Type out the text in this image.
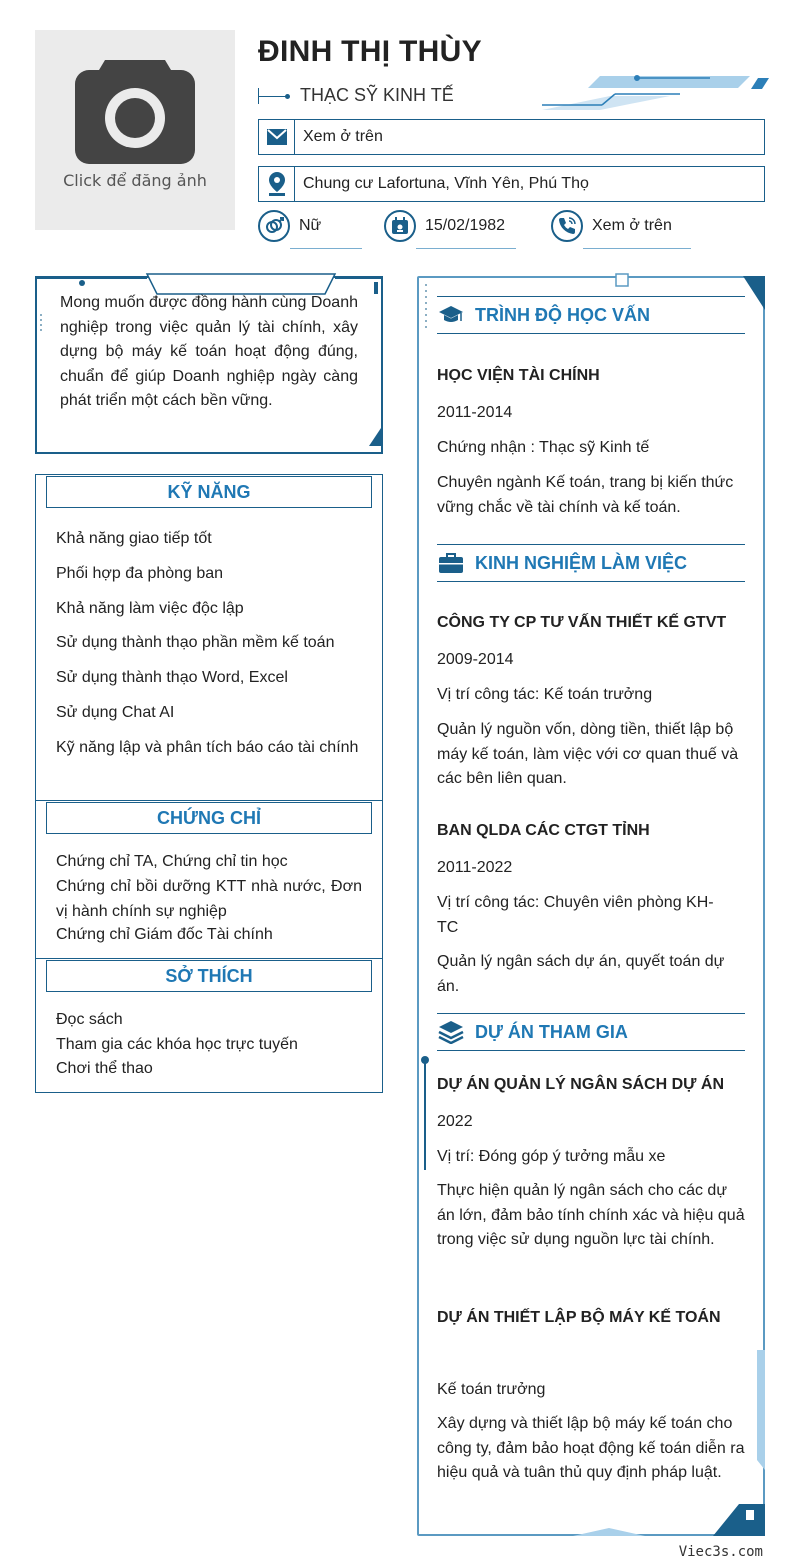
Click để đăng ảnh
ĐINH THỊ THÙY
THẠC SỸ KINH TẾ
Xem ở trên
Chung cư Lafortuna, Vĩnh Yên, Phú Thọ
Nữ	15/02/1982	Xem ở trên
Mong muốn được đồng hành cùng Doanh nghiệp trong việc quản lý tài chính, xây dựng bộ máy kế toán hoạt động đúng, chuẩn để giúp Doanh nghiệp ngày càng phát triển một cách bền vững.
KỸ NĂNG
Khả năng giao tiếp tốt
Phối hợp đa phòng ban
Khả năng làm việc độc lập
Sử dụng thành thạo phần mềm kế toán
Sử dụng thành thạo Word, Excel
Sử dụng Chat AI
Kỹ năng lập và phân tích báo cáo tài chính
CHỨNG CHỈ
Chứng chỉ TA, Chứng chỉ tin học
Chứng chỉ bồi dưỡng KTT nhà nước, Đơn vị hành chính sự nghiệp
Chứng chỉ Giám đốc Tài chính
SỞ THÍCH
Đọc sách
Tham gia các khóa học trực tuyến
Chơi thể thao
TRÌNH ĐỘ HỌC VẤN
HỌC VIỆN TÀI CHÍNH
2011-2014
Chứng nhận : Thạc sỹ Kinh tế
Chuyên ngành Kế toán, trang bị kiến thức vững chắc về tài chính và kế toán.
KINH NGHIỆM LÀM VIỆC
CÔNG TY CP TƯ VẤN THIẾT KẾ GTVT
2009-2014
Vị trí công tác: Kế toán trưởng
Quản lý nguồn vốn, dòng tiền, thiết lập bộ máy kế toán, làm việc với cơ quan thuế và các bên liên quan.
BAN QLDA CÁC CTGT TỈNH
2011-2022
Vị trí công tác: Chuyên viên phòng KH-TC
Quản lý ngân sách dự án, quyết toán dự án.
DỰ ÁN THAM GIA
DỰ ÁN QUẢN LÝ NGÂN SÁCH DỰ ÁN
2022
Vị trí: Đóng góp ý tưởng mẫu xe
Thực hiện quản lý ngân sách cho các dự án lớn, đảm bảo tính chính xác và hiệu quả trong việc sử dụng nguồn lực tài chính.
DỰ ÁN THIẾT LẬP BỘ MÁY KẾ TOÁN
Kế toán trưởng
Xây dựng và thiết lập bộ máy kế toán cho công ty, đảm bảo hoạt động kế toán diễn ra hiệu quả và tuân thủ quy định pháp luật.
Viec3s.com
